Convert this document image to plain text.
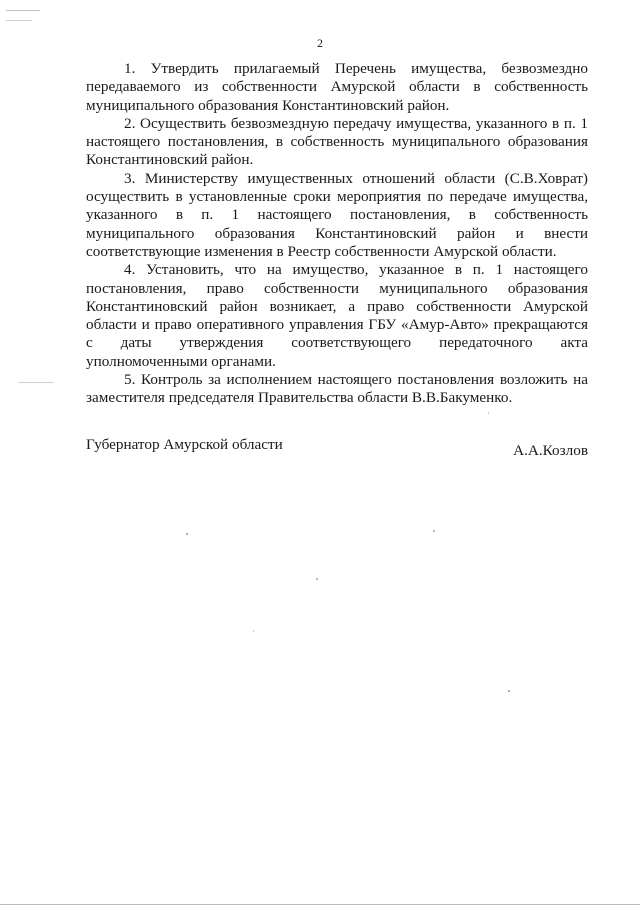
2

1. Утвердить прилагаемый Перечень имущества, безвозмездно передаваемого из собственности Амурской области в собственность муниципального образования Константиновский район.

2. Осуществить безвозмездную передачу имущества, указанного в п. 1 настоящего постановления, в собственность муниципального образования Константиновский район.

3. Министерству имущественных отношений области (С.В.Ховрат) осуществить в установленные сроки мероприятия по передаче имущества, указанного в п. 1 настоящего постановления, в собственность муниципального образования Константиновский район и внести соответствующие изменения в Реестр собственности Амурской области.

4. Установить, что на имущество, указанное в п. 1 настоящего постановления, право собственности муниципального образования Константиновский район возникает, а право собственности Амурской области и право оперативного управления ГБУ «Амур-Авто» прекращаются с даты утверждения соответствующего передаточного акта уполномоченными органами.

5. Контроль за исполнением настоящего постановления возложить на заместителя председателя Правительства области В.В.Бакуменко.

Губернатор Амурской области	А.А.Козлов
